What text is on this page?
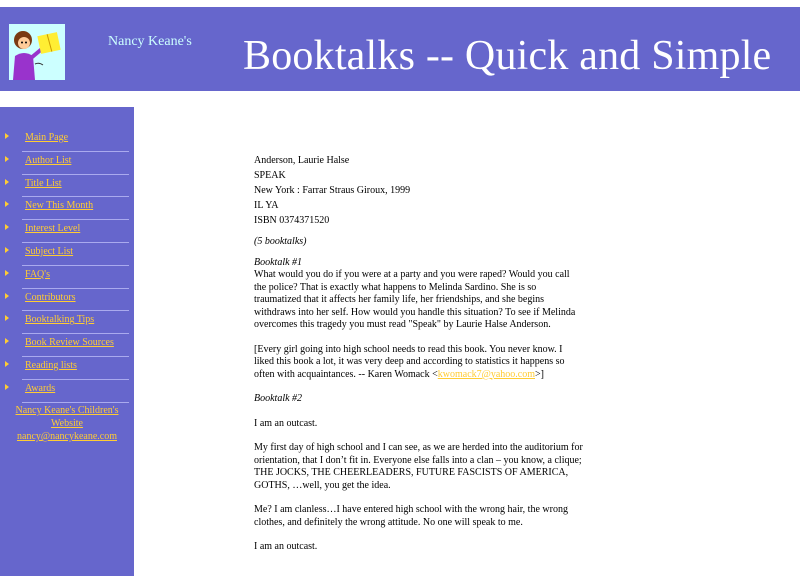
Nancy Keane's Booktalks -- Quick and Simple
Main Page
Author List
Title List
New This Month
Interest Level
Subject List
FAQ's
Contributors
Booktalking Tips
Book Review Sources
Reading lists
Awards
Nancy Keane's Children's Website
nancy@nancykeane.com

Anderson, Laurie Halse

SPEAK

New York : Farrar Straus Giroux, 1999

IL YA

ISBN 0374371520

(5 booktalks)

Booktalk #1

What would you do if you were at a party and you were raped? Would you call the police? That is exactly what happens to Melinda Sardino. She is so traumatized that it affects her family life, her friendships, and she begins withdraws into her self. How would you handle this situation? To see if Melinda overcomes this tragedy you must read "Speak" by Laurie Halse Anderson.

[Every girl going into high school needs to read this book. You never know. I liked this book a lot, it was very deep and according to statistics it happens so often with acquaintances. -- Karen Womack <kwomack7@yahoo.com>]

Booktalk #2

I am an outcast.

My first day of high school and I can see, as we are herded into the auditorium for orientation, that I don’t fit in. Everyone else falls into a clan – you know, a clique; THE JOCKS, THE CHEERLEADERS, FUTURE FASCISTS OF AMERICA, GOTHS, …well, you get the idea.

Me? I am clanless…I have entered high school with the wrong hair, the wrong clothes, and definitely the wrong attitude. No one will speak to me.

I am an outcast.
